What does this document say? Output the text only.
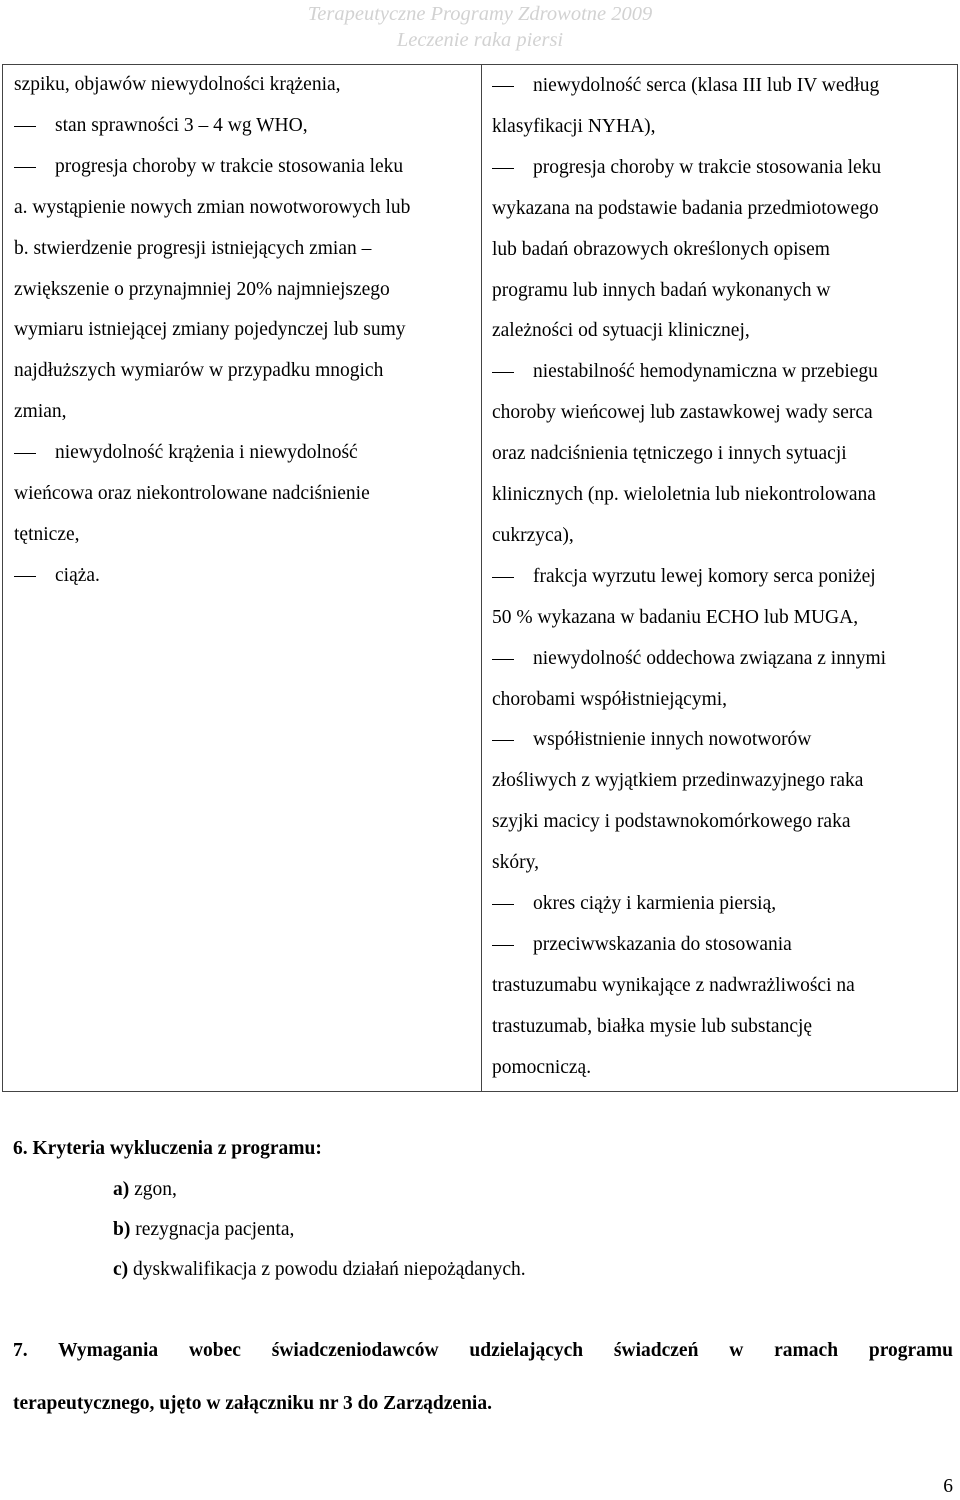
Terapeutyczne Programy Zdrowotne 2009
Leczenie raka piersi
szpiku, objawów niewydolności krążenia,
stan sprawności 3 – 4 wg WHO,
progresja choroby w trakcie stosowania leku
a. wystąpienie nowych zmian nowotworowych lub
b. stwierdzenie progresji istniejących zmian –
zwiększenie o przynajmniej 20% najmniejszego
wymiaru istniejącej zmiany pojedynczej lub sumy
najdłuższych wymiarów w przypadku mnogich
zmian,
niewydolność krążenia i niewydolność
wieńcowa oraz niekontrolowane nadciśnienie
tętnicze,
ciąża.
niewydolność serca (klasa III lub IV według
klasyfikacji NYHA),
progresja choroby w trakcie stosowania leku
wykazana na podstawie badania przedmiotowego
lub badań obrazowych określonych opisem
programu lub innych badań wykonanych w
zależności od sytuacji klinicznej,
niestabilność hemodynamiczna w przebiegu
choroby wieńcowej lub zastawkowej wady serca
oraz nadciśnienia tętniczego i innych sytuacji
klinicznych (np. wieloletnia lub niekontrolowana
cukrzyca),
frakcja wyrzutu lewej komory serca poniżej
50 % wykazana w badaniu ECHO lub MUGA,
niewydolność oddechowa związana z innymi
chorobami współistniejącymi,
współistnienie innych nowotworów
złośliwych z wyjątkiem przedinwazyjnego raka
szyjki macicy i podstawnokomórkowego raka
skóry,
okres ciąży i karmienia piersią,
przeciwwskazania do stosowania
trastuzumabu wynikające z nadwrażliwości na
trastuzumab, białka mysie lub substancję
pomocniczą.
6. Kryteria wykluczenia z programu:
a) zgon,
b) rezygnacja pacjenta,
c) dyskwalifikacja z powodu działań niepożądanych.
7. Wymagania wobec świadczeniodawców udzielających świadczeń w ramach programu
terapeutycznego, ujęto w załączniku nr 3 do Zarządzenia.
6
